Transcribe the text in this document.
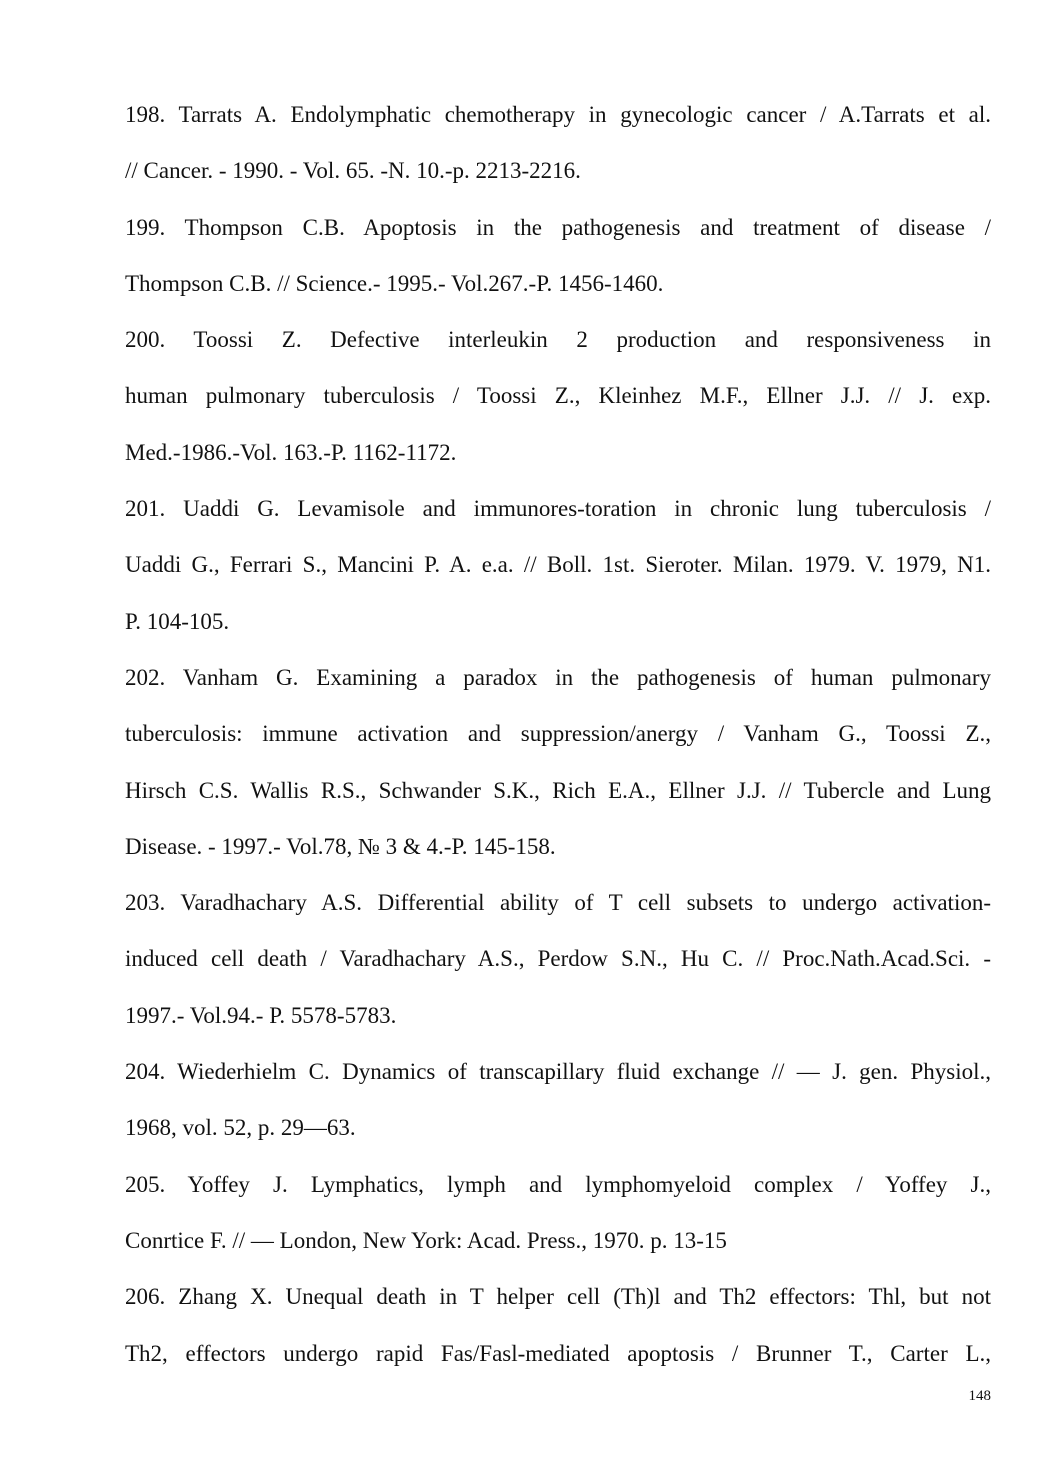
198. Tarrats A. Endolymphatic chemotherapy in gynecologic cancer / A.Tarrats et al.
// Cancer. - 1990. - Vol. 65. -N. 10.-p. 2213-2216.
199. Thompson C.B. Apoptosis in the pathogenesis and treatment of disease /
Thompson C.B. // Science.- 1995.- Vol.267.-P. 1456-1460.
200. Toossi Z. Defective interleukin 2 production and responsiveness in
human pulmonary tuberculosis / Toossi Z., Kleinhez M.F., Ellner J.J. // J. exp.
Med.-1986.-Vol. 163.-P. 1162-1172.
201. Uaddi G. Levamisole and immunores-toration in chronic lung tuberculosis /
Uaddi G., Ferrari S., Mancini P. A. e.a. // Boll. 1st. Sieroter. Milan. 1979. V. 1979, N1.
P. 104-105.
202. Vanham G. Examining a paradox in the pathogenesis of human pulmonary
tuberculosis: immune activation and suppression/anergy / Vanham G., Toossi Z.,
Hirsch C.S. Wallis R.S., Schwander S.K., Rich E.A., Ellner J.J. // Tubercle and Lung
Disease. - 1997.- Vol.78, № 3 & 4.-P. 145-158.
203. Varadhachary A.S. Differential ability of T cell subsets to undergo activation-
induced cell death / Varadhachary A.S., Perdow S.N., Hu C. // Proc.Nath.Acad.Sci. -
1997.- Vol.94.- P. 5578-5783.
204. Wiederhielm C. Dynamics of transcapillary fluid exchange // — J. gen. Physiol.,
1968, vol. 52, p. 29—63.
205. Yoffey J. Lymphatics, lymph and lymphomyeloid complex / Yoffey J.,
Conrtice F. // — London, New York: Acad. Press., 1970. p. 13-15
206. Zhang X. Unequal death in T helper cell (Th)l and Th2 effectors: Thl, but not
Th2, effectors undergo rapid Fas/Fasl-mediated apoptosis / Brunner T., Carter L.,
148
